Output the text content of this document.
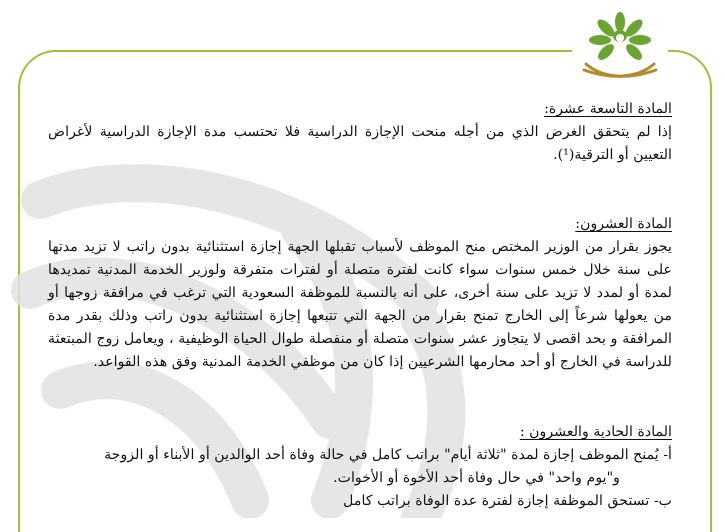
المادة التاسعة عشرة:

إذا لم يتحقق الغرض الذي من أجله منحت الإجازة الدراسية فلا تحتسب مدة الإجازة الدراسية لأغراض التعيين أو الترقية(¹).

المادة العشرون:

يجوز بقرار من الوزير المختص منح الموظف لأسباب تقبلها الجهة إجازة استثنائية بدون راتب لا تزيد مدتها على سنة خلال خمس سنوات سواء كانت لفترة متصلة أو لفترات متفرقة ولوزير الخدمة المدنية تمديدها لمدة أو لمدد لا تزيد على سنة أخرى، على أنه بالنسبة للموظفة السعودية التي ترغب في مرافقة زوجها أو من يعولها شرعاً إلى الخارج تمنح بقرار من الجهة التي تتبعها إجازة استثنائية بدون راتب وذلك بقدر مدة المرافقة و بحد اقصى لا يتجاوز عشر سنوات متصلة أو منفصلة طوال الحياة الوظيفية ، ويعامل زوج المبتعثة للدراسة في الخارج أو أحد محارمها الشرعيين إذا كان من موظفي الخدمة المدنية وفق هذه القواعد.

المادة الحادية والعشرون :

أ- يُمنح الموظف إجازة لمدة "ثلاثة أيام" براتب كامل في حالة وفاة أحد الوالدين أو الأبناء أو الزوجة

و"يوم واحد" في حال وفاة أحد الأخوة أو الأخوات.

ب- تستحق الموظفة إجازة لفترة عدة الوفاة براتب كامل
